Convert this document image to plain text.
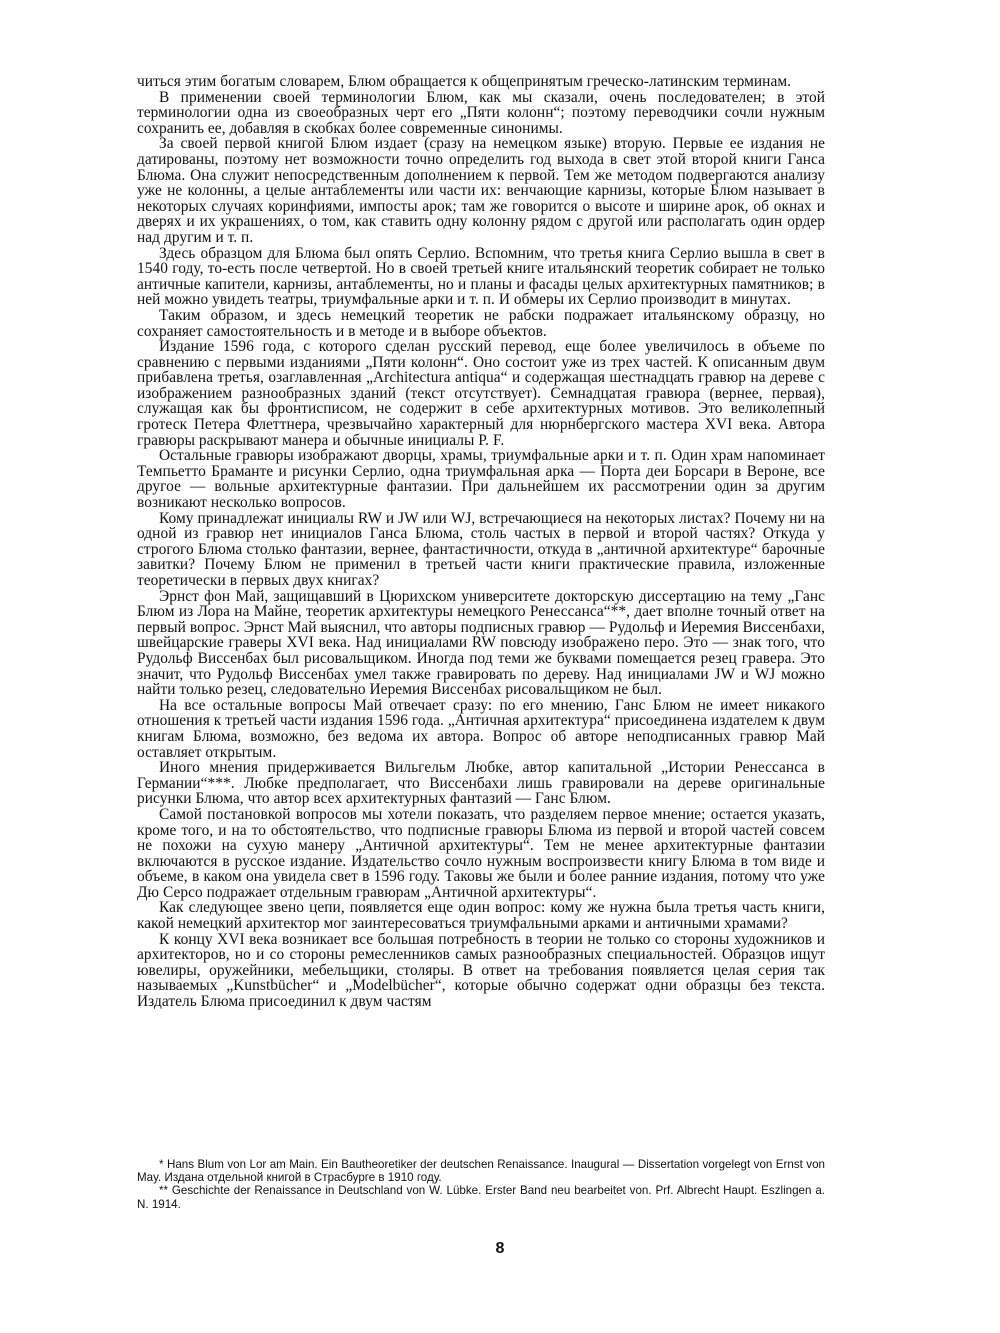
читься этим богатым словарем, Блюм обращается к общепринятым греческо-латинским терминам.

В применении своей терминологии Блюм, как мы сказали, очень последователен; в этой терминологии одна из своеобразных черт его „Пяти колонн“; поэтому переводчики сочли нужным сохранить ее, добавляя в скобках более современные синонимы.

За своей первой книгой Блюм издает (сразу на немецком языке) вторую. Первые ее издания не датированы, поэтому нет возможности точно определить год выхода в свет этой второй книги Ганса Блюма. Она служит непосредственным дополнением к первой. Тем же методом подвергаются анализу уже не колонны, а целые антаблементы или части их: венчающие карнизы, которые Блюм называет в некоторых случаях коринфиями, импосты арок; там же говорится о высоте и ширине арок, об окнах и дверях и их украшениях, о том, как ставить одну колонну рядом с другой или располагать один ордер над другим и т. п.

Здесь образцом для Блюма был опять Серлио. Вспомним, что третья книга Серлио вышла в свет в 1540 году, то-есть после четвертой. Но в своей третьей книге итальянский теоретик собирает не только античные капители, карнизы, антаблементы, но и планы и фасады целых архитектурных памятников; в ней можно увидеть театры, триумфальные арки и т. п. И обмеры их Серлио производит в минутах.

Таким образом, и здесь немецкий теоретик не рабски подражает итальянскому образцу, но сохраняет самостоятельность и в методе и в выборе объектов.

Издание 1596 года, с которого сделан русский перевод, еще более увеличилось в объеме по сравнению с первыми изданиями „Пяти колонн“. Оно состоит уже из трех частей. К описанным двум прибавлена третья, озаглавленная „Architectura antiqua“ и содержащая шестнадцать гравюр на дереве с изображением разнообразных зданий (текст отсутствует). Семнадцатая гравюра (вернее, первая), служащая как бы фронтисписом, не содержит в себе архитектурных мотивов. Это великолепный гротеск Петера Флеттнера, чрезвычайно характерный для нюрнбергского мастера XVI века. Автора гравюры раскрывают манера и обычные инициалы P. F.

Остальные гравюры изображают дворцы, храмы, триумфальные арки и т. п. Один храм напоминает Темпьетто Браманте и рисунки Серлио, одна триумфальная арка — Порта деи Борсари в Вероне, все другое — вольные архитектурные фантазии. При дальнейшем их рассмотрении один за другим возникают несколько вопросов.

Кому принадлежат инициалы RW и JW или WJ, встречающиеся на некоторых листах? Почему ни на одной из гравюр нет инициалов Ганса Блюма, столь частых в первой и второй частях? Откуда у строгого Блюма столько фантазии, вернее, фантастичности, откуда в „античной архитектуре“ барочные завитки? Почему Блюм не применил в третьей части книги практические правила, изложенные теоретически в первых двух книгах?

Эрнст фон Май, защищавший в Цюрихском университете докторскую диссертацию на тему „Ганс Блюм из Лора на Майне, теоретик архитектуры немецкого Ренессанса“**, дает вполне точный ответ на первый вопрос. Эрнст Май выяснил, что авторы подписных гравюр — Рудольф и Иеремия Виссенбахи, швейцарские граверы XVI века. Над инициалами RW повсюду изображено перо. Это — знак того, что Рудольф Виссенбах был рисовальщиком. Иногда под теми же буквами помещается резец гравера. Это значит, что Рудольф Виссенбах умел также гравировать по дереву. Над инициалами JW и WJ можно найти только резец, следовательно Иеремия Виссенбах рисовальщиком не был.

На все остальные вопросы Май отвечает сразу: по его мнению, Ганс Блюм не имеет никакого отношения к третьей части издания 1596 года. „Античная архитектура“ присоединена издателем к двум книгам Блюма, возможно, без ведома их автора. Вопрос об авторе неподписанных гравюр Май оставляет открытым.

Иного мнения придерживается Вильгельм Любке, автор капитальной „Истории Ренессанса в Германии“***. Любке предполагает, что Виссенбахи лишь гравировали на дереве оригинальные рисунки Блюма, что автор всех архитектурных фантазий — Ганс Блюм.

Самой постановкой вопросов мы хотели показать, что разделяем первое мнение; остается указать, кроме того, и на то обстоятельство, что подписные гравюры Блюма из первой и второй частей совсем не похожи на сухую манеру „Античной архитектуры“. Тем не менее архитектурные фантазии включаются в русское издание. Издательство сочло нужным воспроизвести книгу Блюма в том виде и объеме, в каком она увидела свет в 1596 году. Таковы же были и более ранние издания, потому что уже Дю Серсо подражает отдельным гравюрам „Античной архитектуры“.

Как следующее звено цепи, появляется еще один вопрос: кому же нужна была третья часть книги, какой немецкий архитектор мог заинтересоваться триумфальными арками и античными храмами?

К концу XVI века возникает все большая потребность в теории не только со стороны художников и архитекторов, но и со стороны ремесленников самых разнообразных специальностей. Образцов ищут ювелиры, оружейники, мебельщики, столяры. В ответ на требования появляется целая серия так называемых „Kunstbücher“ и „Modelbücher“, которые обычно содержат одни образцы без текста. Издатель Блюма присоединил к двум частям

* Hans Blum von Lor am Main. Ein Bautheoretiker der deutschen Renaissance. Inaugural — Dissertation vorgelegt von Ernst von May. Издана отдельной книгой в Страсбурге в 1910 году.

** Geschichte der Renaissance in Deutschland von W. Lübke. Erster Band neu bearbeitet von. Prf. Albrecht Haupt. Eszlingen a. N. 1914.

8
